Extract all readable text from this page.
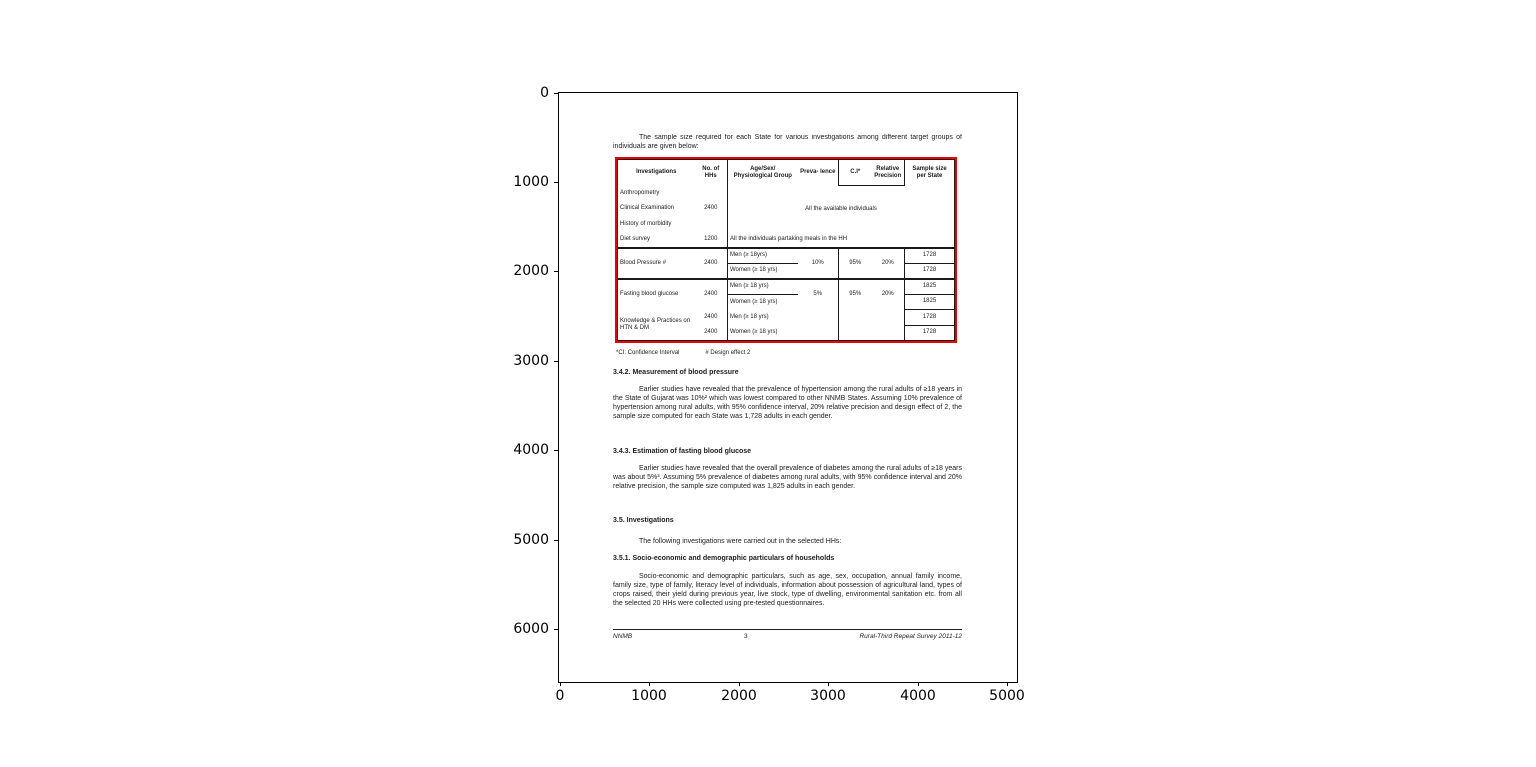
The sample size required for each State for various investigations among different target groups of individuals are given below:

Investigations	No. of HHs	Age/Sex/ Physiological Group	Preva- lence	C.I*	Relative Precision	Sample size per State
Anthropometry		All the available individuals				
Clinical Examination	2400					
History of morbidity						
Diet survey	1200	All the individuals partaking meals in the HH				
Blood Pressure #	2400	Men (≥ 18yrs)	10%	95%	20%	1728
		Women (≥ 18 yrs)				1728
Fasting blood glucose	2400	Men (≥ 18 yrs)	5%	95%	20%	1825
		Women (≥ 18 yrs)				1825
Knowledge & Practices on HTN & DM	2400	Men (≥ 18 yrs)				1728
	2400	Women (≥ 18 yrs)				1728
*CI: Confidence Interval	# Design effect 2
3.4.2. Measurement of blood pressure

Earlier studies have revealed that the prevalence of hypertension among the rural adults of ≥18 years in the State of Gujarat was 10%² which was lowest compared to other NNMB States. Assuming 10% prevalence of hypertension among rural adults, with 95% confidence interval, 20% relative precision and design effect of 2, the sample size computed for each State was 1,728 adults in each gender.

3.4.3. Estimation of fasting blood glucose

Earlier studies have revealed that the overall prevalence of diabetes among the rural adults of ≥18 years was about 5%³. Assuming 5% prevalence of diabetes among rural adults, with 95% confidence interval and 20% relative precision, the sample size computed was 1,825 adults in each gender.

3.5. Investigations

The following investigations were carried out in the selected HHs:

3.5.1. Socio-economic and demographic particulars of households

Socio-economic and demographic particulars, such as age, sex, occupation, annual family income, family size, type of family, literacy level of individuals, information about possession of agricultural land, types of crops raised, their yield during previous year, live stock, type of dwelling, environmental sanitation etc. from all the selected 20 HHs were collected using pre-tested questionnaires.

NNMB	3	Rural-Third Repeat Survey 2011-12
0	1000	2000	3000	4000	5000
0
1000
2000
3000
4000
5000
6000
